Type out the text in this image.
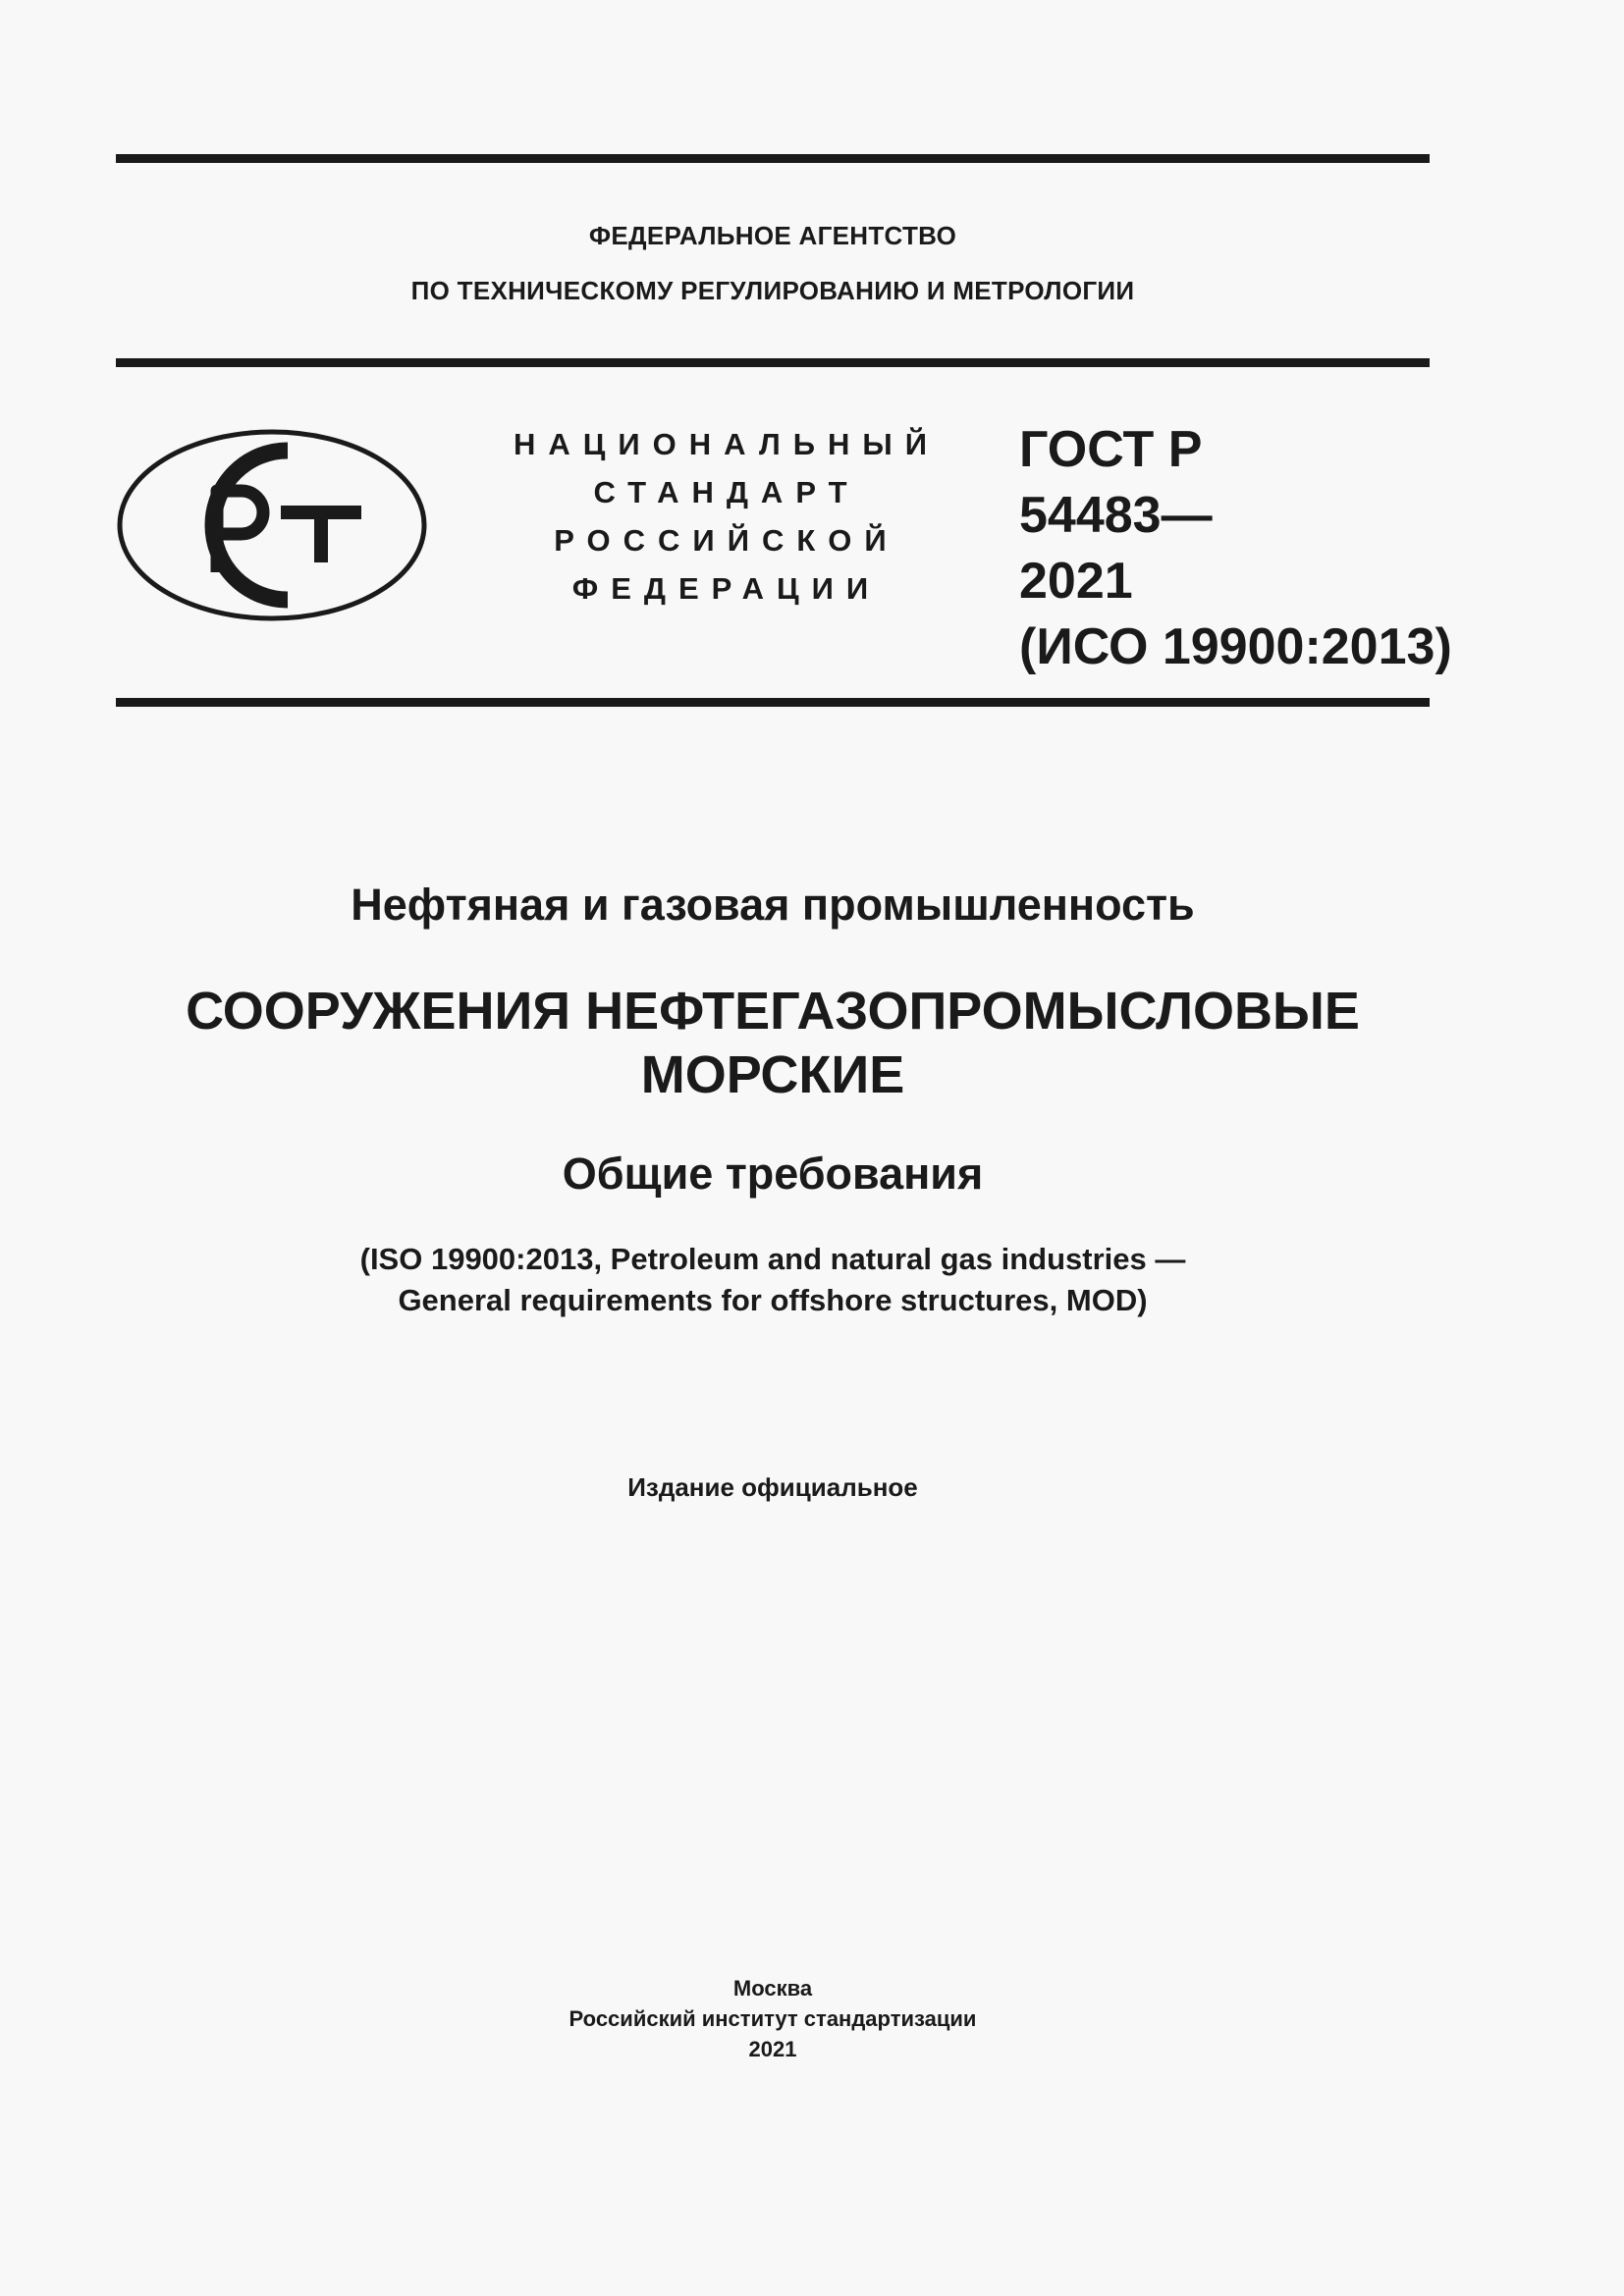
ФЕДЕРАЛЬНОЕ АГЕНТСТВО
ПО ТЕХНИЧЕСКОМУ РЕГУЛИРОВАНИЮ И МЕТРОЛОГИИ
НАЦИОНАЛЬНЫЙ
СТАНДАРТ
РОССИЙСКОЙ
ФЕДЕРАЦИИ
ГОСТ Р
54483—
2021
(ИСО 19900:2013)
Нефтяная и газовая промышленность
СООРУЖЕНИЯ НЕФТЕГАЗОПРОМЫСЛОВЫЕ
МОРСКИЕ
Общие требования
(ISO 19900:2013, Petroleum and natural gas industries —
General requirements for offshore structures, MOD)
Издание официальное
Москва
Российский институт стандартизации
2021
